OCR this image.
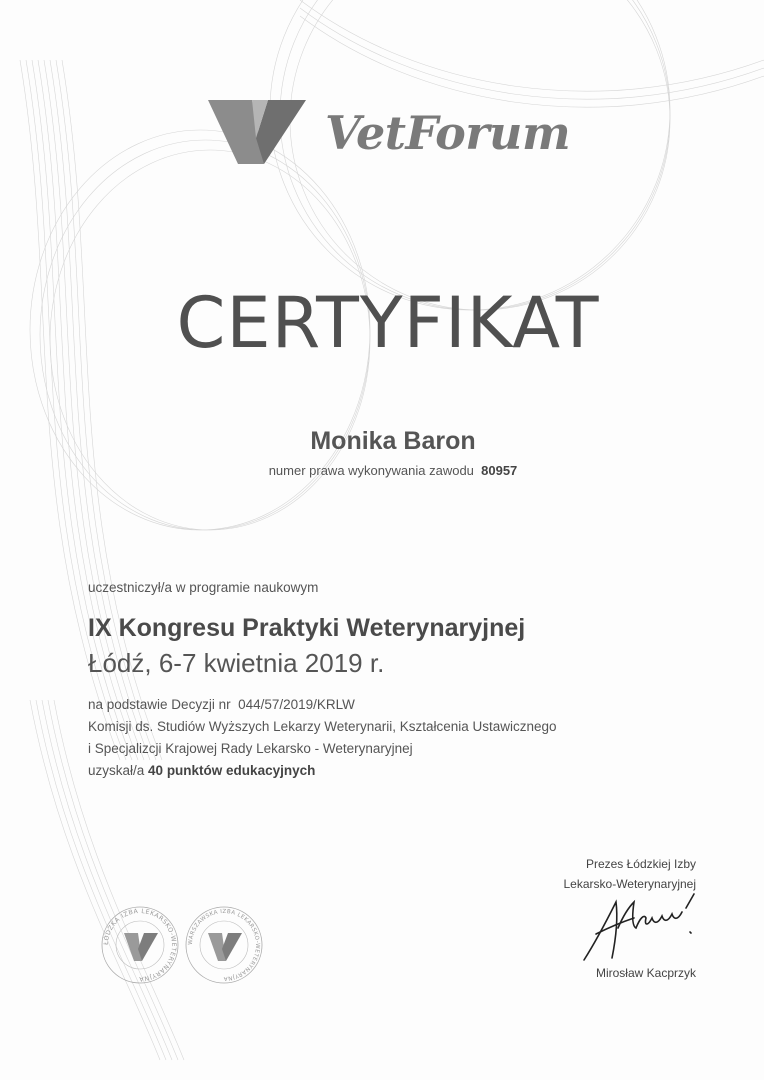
VetForum
CERTYFIKAT
Monika Baron
numer prawa wykonywania zawodu 80957
uczestniczył/a w programie naukowym
IX Kongresu Praktyki Weterynaryjnej
Łódź, 6-7 kwietnia 2019 r.
na podstawie Decyzji nr 044/57/2019/KRLW
Komisji ds. Studiów Wyższych Lekarzy Weterynarii, Kształcenia Ustawicznego
i Specjalizcji Krajowej Rady Lekarsko - Weterynaryjnej
uzyskał/a 40 punktów edukacyjnych
Prezes Łódzkiej Izby
Lekarsko-Weterynaryjnej
Mirosław Kacprzyk
ŁÓDZKA IZBA LEKARSKO-WETERYNARYJNA
WARSZAWSKA IZBA LEKARSKO-WETERYNARYJNA
